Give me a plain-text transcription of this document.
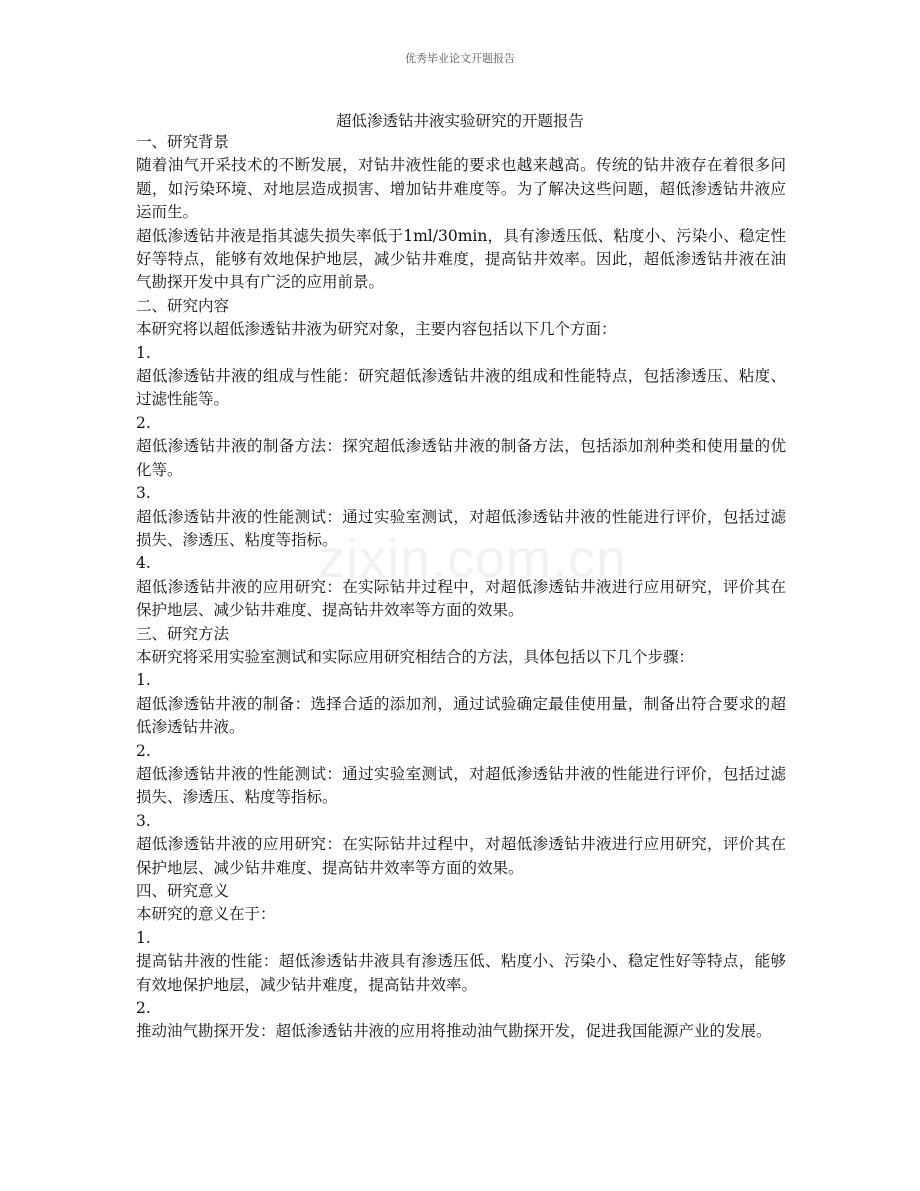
优秀毕业论文开题报告
zixin.com.cn
超低渗透钻井液实验研究的开题报告

一、研究背景

随着油气开采技术的不断发展，对钻井液性能的要求也越来越高。传统的钻井液存在着很多问题，如污染环境、对地层造成损害、增加钻井难度等。为了解决这些问题，超低渗透钻井液应运而生。

超低渗透钻井液是指其滤失损失率低于1ml/30min，具有渗透压低、粘度小、污染小、稳定性好等特点，能够有效地保护地层，减少钻井难度，提高钻井效率。因此，超低渗透钻井液在油气勘探开发中具有广泛的应用前景。

二、研究内容

本研究将以超低渗透钻井液为研究对象，主要内容包括以下几个方面：

1.

超低渗透钻井液的组成与性能：研究超低渗透钻井液的组成和性能特点，包括渗透压、粘度、过滤性能等。

2.

超低渗透钻井液的制备方法：探究超低渗透钻井液的制备方法，包括添加剂种类和使用量的优化等。

3.

超低渗透钻井液的性能测试：通过实验室测试，对超低渗透钻井液的性能进行评价，包括过滤损失、渗透压、粘度等指标。

4.

超低渗透钻井液的应用研究：在实际钻井过程中，对超低渗透钻井液进行应用研究，评价其在保护地层、减少钻井难度、提高钻井效率等方面的效果。

三、研究方法

本研究将采用实验室测试和实际应用研究相结合的方法，具体包括以下几个步骤：

1.

超低渗透钻井液的制备：选择合适的添加剂，通过试验确定最佳使用量，制备出符合要求的超低渗透钻井液。

2.

超低渗透钻井液的性能测试：通过实验室测试，对超低渗透钻井液的性能进行评价，包括过滤损失、渗透压、粘度等指标。

3.

超低渗透钻井液的应用研究：在实际钻井过程中，对超低渗透钻井液进行应用研究，评价其在保护地层、减少钻井难度、提高钻井效率等方面的效果。

四、研究意义

本研究的意义在于：

1.

提高钻井液的性能：超低渗透钻井液具有渗透压低、粘度小、污染小、稳定性好等特点，能够有效地保护地层，减少钻井难度，提高钻井效率。

2.

推动油气勘探开发：超低渗透钻井液的应用将推动油气勘探开发，促进我国能源产业的发展。
